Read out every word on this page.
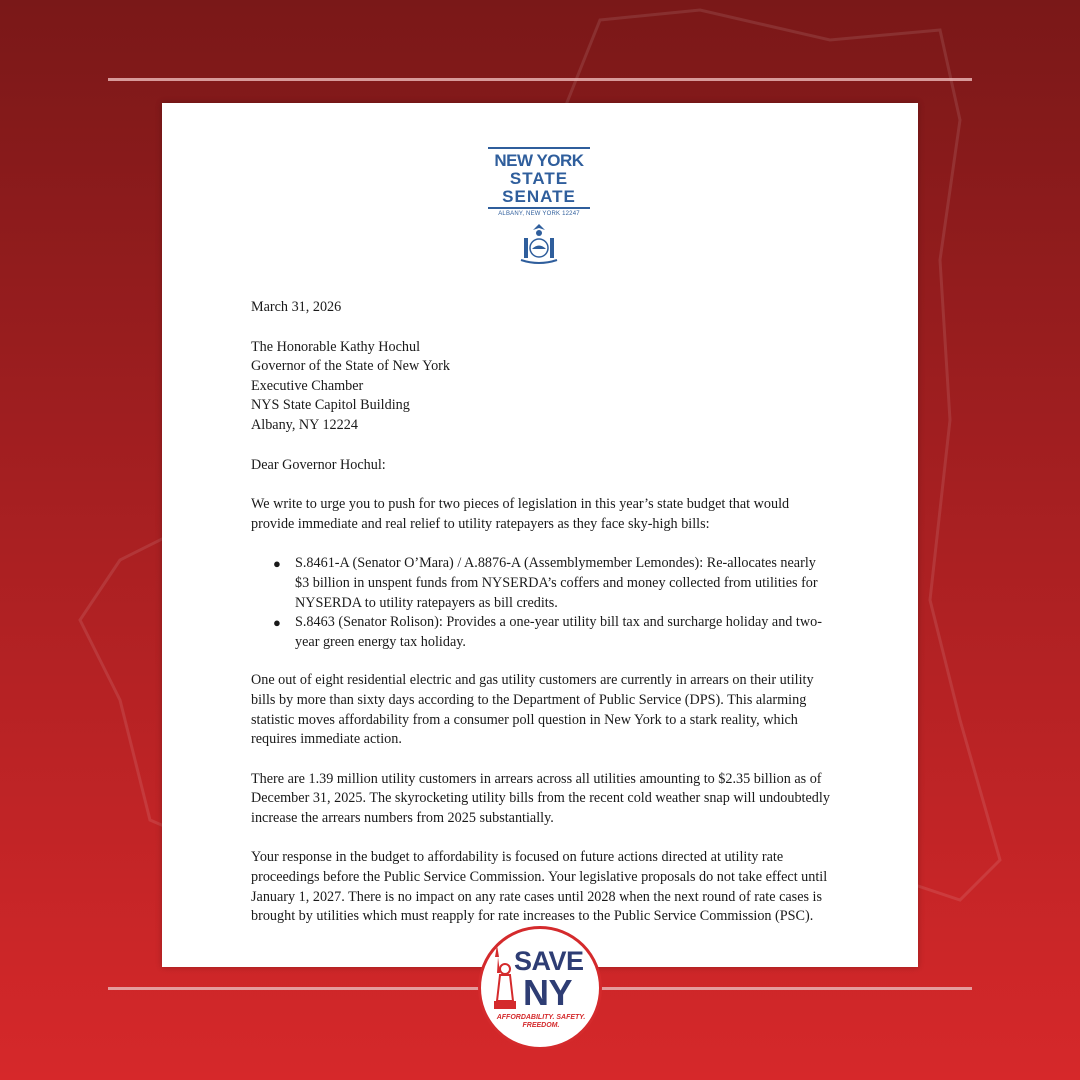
NEW YORK
STATE
SENATE
ALBANY, NEW YORK 12247

March 31, 2026

The Honorable Kathy Hochul
Governor of the State of New York
Executive Chamber
NYS State Capitol Building
Albany, NY 12224

Dear Governor Hochul:

We write to urge you to push for two pieces of legislation in this year’s state budget that would provide immediate and real relief to utility ratepayers as they face sky-high bills:

● S.8461-A (Senator O’Mara) / A.8876-A (Assemblymember Lemondes): Re-allocates nearly $3 billion in unspent funds from NYSERDA’s coffers and money collected from utilities for NYSERDA to utility ratepayers as bill credits.
● S.8463 (Senator Rolison): Provides a one-year utility bill tax and surcharge holiday and two-year green energy tax holiday.

One out of eight residential electric and gas utility customers are currently in arrears on their utility bills by more than sixty days according to the Department of Public Service (DPS). This alarming statistic moves affordability from a consumer poll question in New York to a stark reality, which requires immediate action.

There are 1.39 million utility customers in arrears across all utilities amounting to $2.35 billion as of December 31, 2025. The skyrocketing utility bills from the recent cold weather snap will undoubtedly increase the arrears numbers from 2025 substantially.

Your response in the budget to affordability is focused on future actions directed at utility rate proceedings before the Public Service Commission. Your legislative proposals do not take effect until January 1, 2027. There is no impact on any rate cases until 2028 when the next round of rate cases is brought by utilities which must reapply for rate increases to the Public Service Commission (PSC).

SAVE
NY
AFFORDABILITY. SAFETY.
FREEDOM.
